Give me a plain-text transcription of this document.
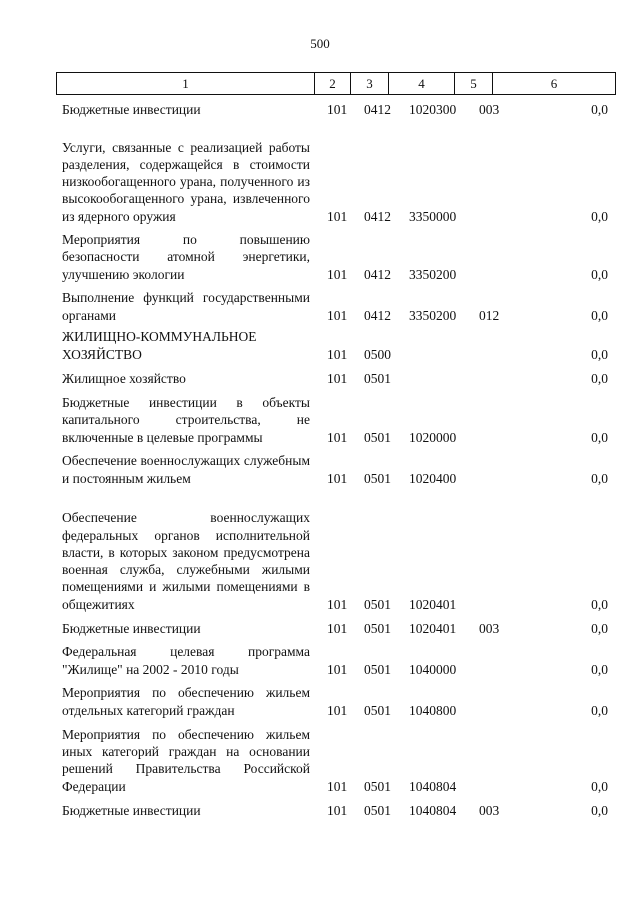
500
1	2	3	4	5	6
Бюджетные инвестиции	101 0412 1020300 003	0,0
Услуги, связанные с реализацией работы разделения, содержащейся в стоимости низкообогащенного урана, полученного из высокообогащенного урана, извлеченного из ядерного оружия	101 0412 3350000	0,0
Мероприятия по повышению безопасности атомной энергетики, улучшению экологии	101 0412 3350200	0,0
Выполнение функций государственными органами	101 0412 3350200 012	0,0
ЖИЛИЩНО-КОММУНАЛЬНОЕ ХОЗЯЙСТВО	101 0500	0,0
Жилищное хозяйство	101 0501	0,0
Бюджетные инвестиции в объекты капитального строительства, не включенные в целевые программы	101 0501 1020000	0,0
Обеспечение военнослужащих служебным и постоянным жильем	101 0501 1020400	0,0
Обеспечение военнослужащих федеральных органов исполнительной власти, в которых законом предусмотрена военная служба, служебными жилыми помещениями и жилыми помещениями в общежитиях	101 0501 1020401	0,0
Бюджетные инвестиции	101 0501 1020401 003	0,0
Федеральная целевая программа "Жилище" на 2002 - 2010 годы	101 0501 1040000	0,0
Мероприятия по обеспечению жильем отдельных категорий граждан	101 0501 1040800	0,0
Мероприятия по обеспечению жильем иных категорий граждан на основании решений Правительства Российской Федерации	101 0501 1040804	0,0
Бюджетные инвестиции	101 0501 1040804 003	0,0
